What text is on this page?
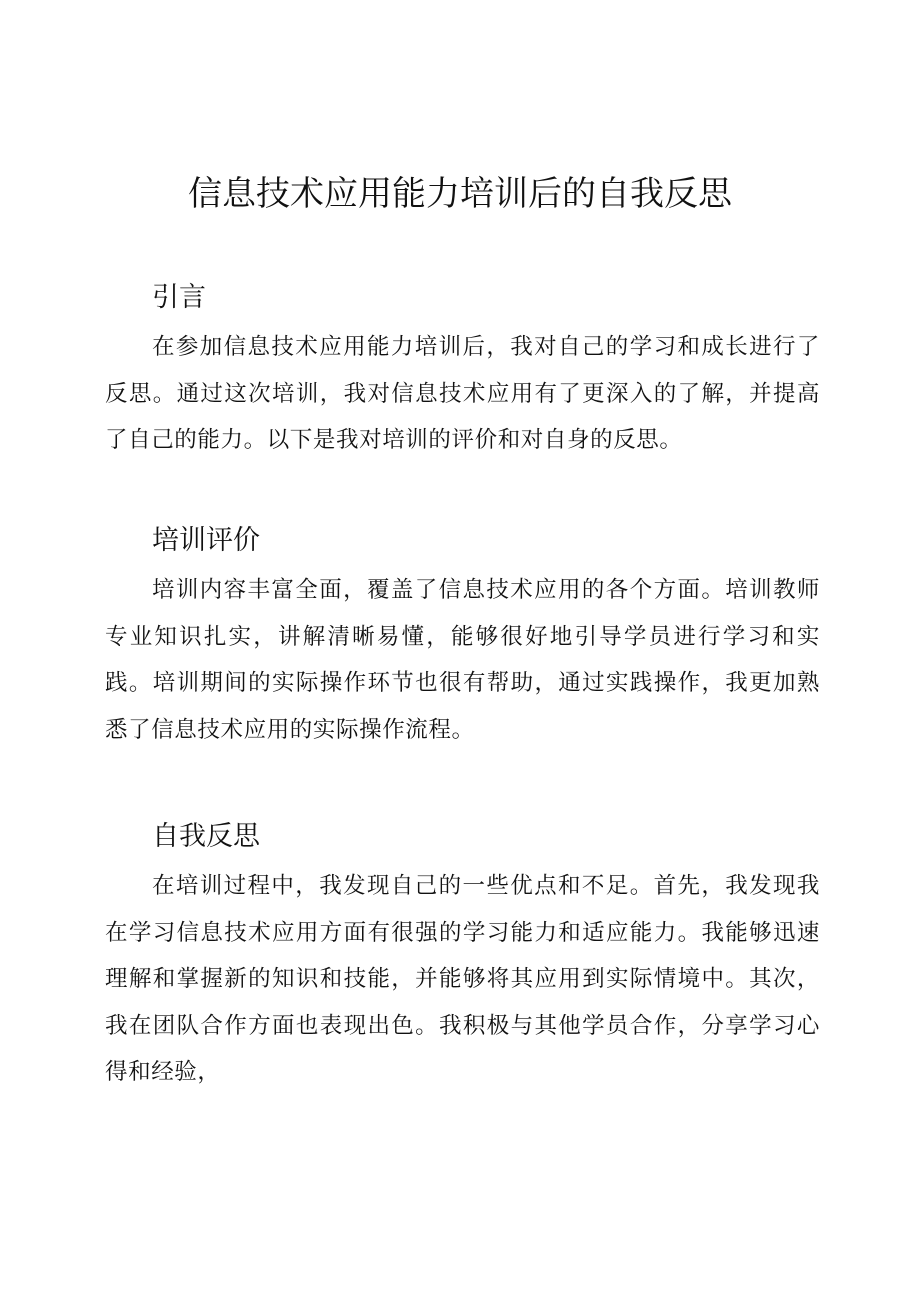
信息技术应用能力培训后的自我反思
引言

在参加信息技术应用能力培训后，我对自己的学习和成长进行了反思。通过这次培训，我对信息技术应用有了更深入的了解，并提高了自己的能力。以下是我对培训的评价和对自身的反思。

培训评价

培训内容丰富全面，覆盖了信息技术应用的各个方面。培训教师专业知识扎实，讲解清晰易懂，能够很好地引导学员进行学习和实践。培训期间的实际操作环节也很有帮助，通过实践操作，我更加熟悉了信息技术应用的实际操作流程。

自我反思

在培训过程中，我发现自己的一些优点和不足。首先，我发现我在学习信息技术应用方面有很强的学习能力和适应能力。我能够迅速理解和掌握新的知识和技能，并能够将其应用到实际情境中。其次，我在团队合作方面也表现出色。我积极与其他学员合作，分享学习心得和经验，
